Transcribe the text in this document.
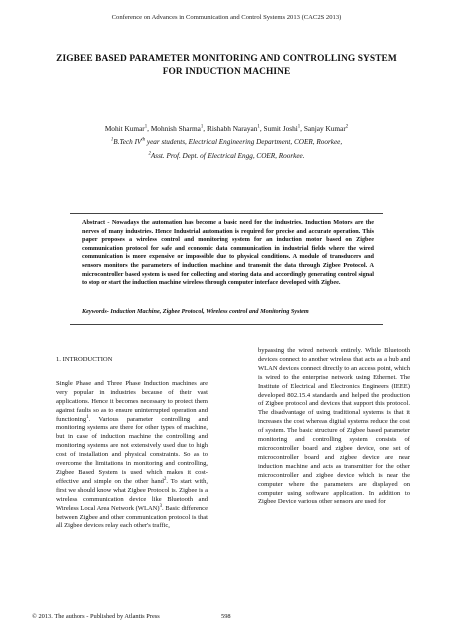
Conference on Advances in Communication and Control Systems 2013 (CAC2S 2013)
ZIGBEE BASED PARAMETER MONITORING AND CONTROLLING SYSTEM
FOR INDUCTION MACHINE
Mohit Kumar$^1$, Mohnish Sharma$^1$, Rishabh Narayan$^1$, Sumit Joshi$^1$, Sanjay Kumar$^2$
$^1$B.Tech IVth year students, Electrical Engineering Department, COER, Roorkee,
$^2$Asst. Prof. Dept. of Electrical Engg, COER, Roorkee.
Abstract - Nowadays the automation has become a basic need for the industries. Induction Motors are the nerves of many industries. Hence Industrial automation is required for precise and accurate operation. This paper proposes a wireless control and monitoring system for an induction motor based on Zigbee communication protocol for safe and economic data communication in industrial fields where the wired communication is more expensive or impossible due to physical conditions. A module of transducers and sensors monitors the parameters of induction machine and transmit the data through Zigbee Protocol. A microcontroller based system is used for collecting and storing data and accordingly generating control signal to stop or start the induction machine wireless through computer interface developed with Zigbee.
Keywords- Induction Machine, Zigbee Protocol, Wireless control and Monitoring System

1. INTRODUCTION

Single Phase and Three Phase Induction machines are very popular in industries because of their vast applications. Hence it becomes necessary to protect them against faults so as to ensure uninterrupted operation and functioning$^1$. Various parameter controlling and monitoring systems are there for other types of machine, but in case of induction machine the controlling and monitoring systems are not extensively used due to high cost of installation and physical constraints. So as to overcome the limitations in monitoring and controlling, Zigbee Based System is used which makes it cost-effective and simple on the other hand$^2$. To start with, first we should know what Zigbee Protocol is. Zigbee is a wireless communication device like Bluetooth and Wireless Local Area Network (WLAN)$^3$. Basic difference between Zigbee and other communication protocol is that all Zigbee devices relay each other's traffic,

bypassing the wired network entirely. While Bluetooth devices connect to another wireless that acts as a hub and WLAN devices connect directly to an access point, which is wired to the enterprise network using Ethernet. The Institute of Electrical and Electronics Engineers (IEEE) developed 802.15.4 standards and helped the production of Zigbee protocol and devices that support this protocol. The disadvantage of using traditional systems is that it increases the cost whereas digital systems reduce the cost of system. The basic structure of Zigbee based parameter monitoring and controlling system consists of microcontroller board and zigbee device, one set of microcontroller board and zigbee device are near induction machine and acts as transmitter for the other microcontroller and zigbee device which is near the computer where the parameters are displayed on computer using software application. In addition to Zigbee Device various other sensors are used for

© 2013. The authors - Published by Atlantis Press	598
